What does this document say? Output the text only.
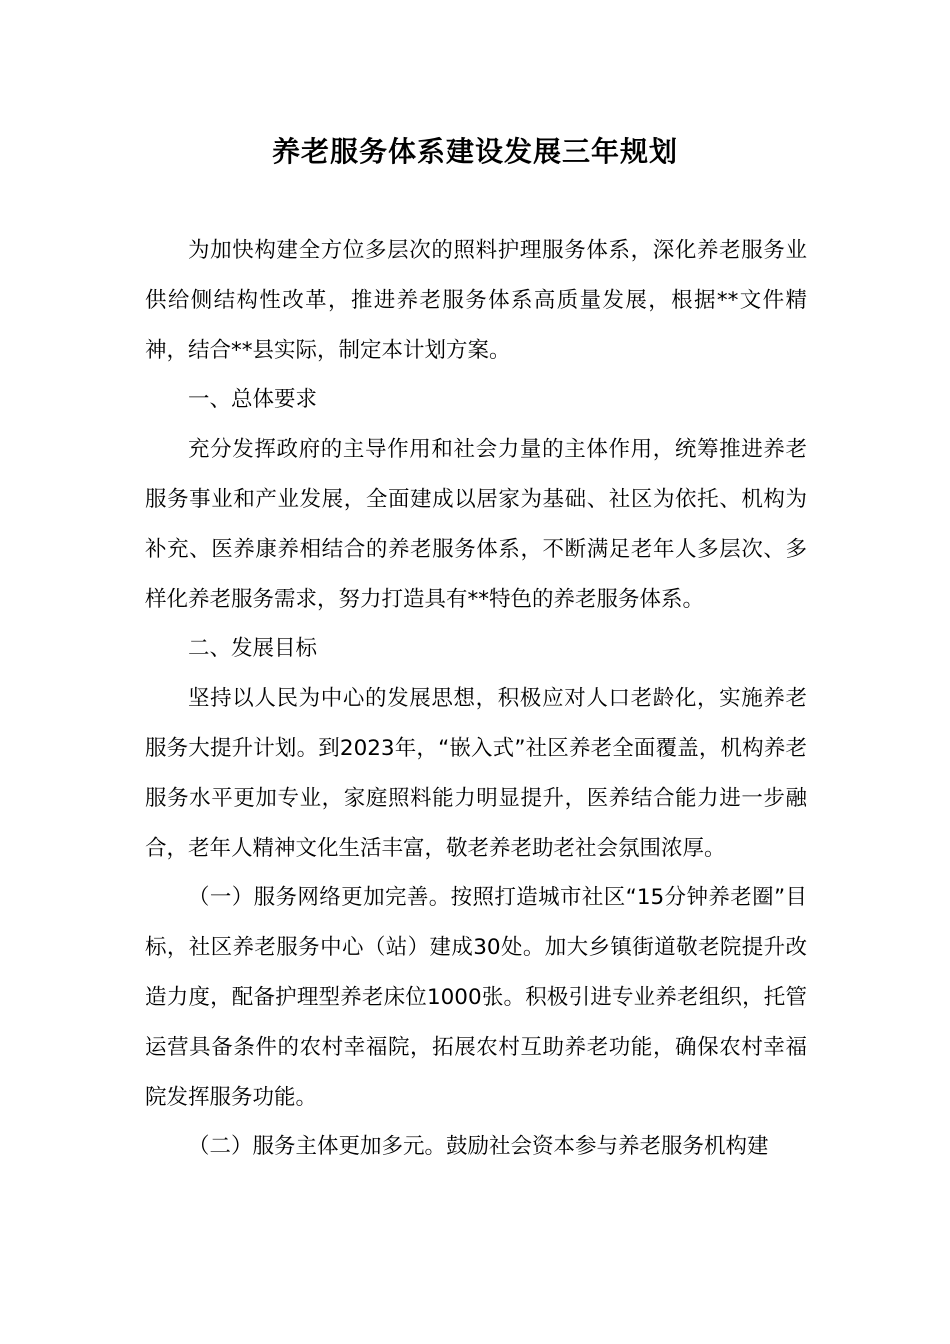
养老服务体系建设发展三年规划

为加快构建全方位多层次的照料护理服务体系，深化养老服务业供给侧结构性改革，推进养老服务体系高质量发展，根据**文件精神，结合**县实际，制定本计划方案。

一、总体要求

充分发挥政府的主导作用和社会力量的主体作用，统筹推进养老服务事业和产业发展，全面建成以居家为基础、社区为依托、机构为补充、医养康养相结合的养老服务体系，不断满足老年人多层次、多样化养老服务需求，努力打造具有**特色的养老服务体系。

二、发展目标

坚持以人民为中心的发展思想，积极应对人口老龄化，实施养老服务大提升计划。到2023年，“嵌入式”社区养老全面覆盖，机构养老服务水平更加专业，家庭照料能力明显提升，医养结合能力进一步融合，老年人精神文化生活丰富，敬老养老助老社会氛围浓厚。

（一）服务网络更加完善。按照打造城市社区“15分钟养老圈”目标，社区养老服务中心（站）建成30处。加大乡镇街道敬老院提升改造力度，配备护理型养老床位1000张。积极引进专业养老组织，托管运营具备条件的农村幸福院，拓展农村互助养老功能，确保农村幸福院发挥服务功能。

（二）服务主体更加多元。鼓励社会资本参与养老服务机构建
